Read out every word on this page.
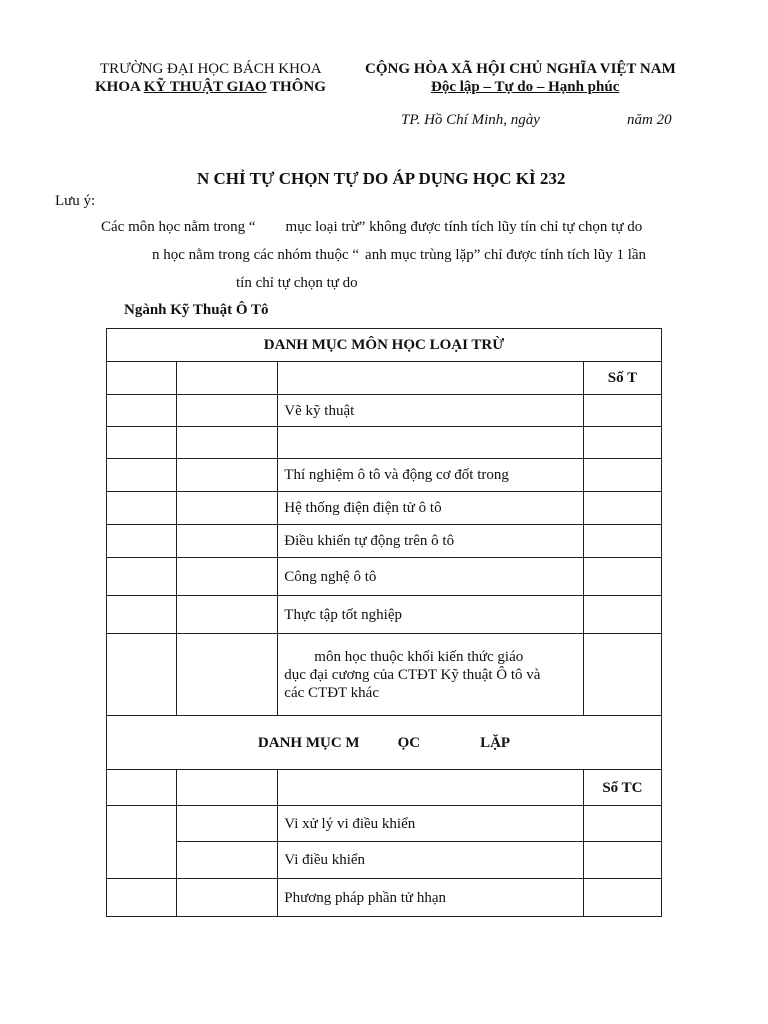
TRƯỜNG ĐẠI HỌC BÁCH KHOA
KHOA KỸ THUẬT GIAO THÔNG
CỘNG HÒA XÃ HỘI CHỦ NGHĨA VIỆT NAM
Độc lập – Tự do – Hạnh phúc
TP. Hồ Chí Minh, ngày	năm 20
N CHỈ TỰ CHỌN TỰ DO ÁP DỤNG HỌC KÌ 232
Lưu ý:
Các môn học nằm trong “ mục loại trừ” không được tính tích lũy tín chỉ tự chọn tự do
n học nằm trong các nhóm thuộc “ anh mục trùng lặp” chỉ được tính tích lũy 1 lần
tín chỉ tự chọn tự do
Ngành Kỹ Thuật Ô Tô
DANH MỤC MÔN HỌC LOẠI TRỪ			
			Số T
		Vẽ kỹ thuật	

		Thí nghiệm ô tô và động cơ đốt trong	
		Hệ thống điện điện tử ô tô	
		Điều khiển tự động trên ô tô	
		Công nghệ ô tô	
		Thực tập tốt nghiệp	

		môn học thuộc khối kiến thức giáo
dục đại cương của CTĐT Kỹ thuật Ô tô và
các CTĐT khác	

DANH MỤC M ỌC LẶP			
			Số TC
		Vi xử lý vi điều khiển	
		Vi điều khiển	
		Phương pháp phần tử hhạn	
